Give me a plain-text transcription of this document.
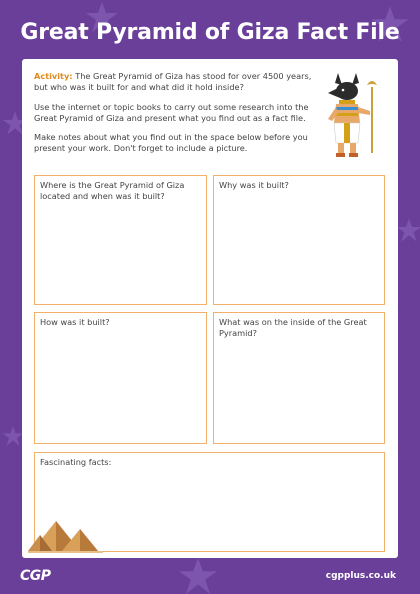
Great Pyramid of Giza Fact File

Activity: The Great Pyramid of Giza has stood for over 4500 years, but who was it built for and what did it hold inside?

Use the internet or topic books to carry out some research into the Great Pyramid of Giza and present what you find out as a fact file.

Make notes about what you find out in the space below before you present your work. Don't forget to include a picture.

Where is the Great Pyramid of Giza located and when was it built?
Why was it built?
How was it built?	What was on the inside of the Great Pyramid?
Fascinating facts:
CGP	cgpplus.co.uk
